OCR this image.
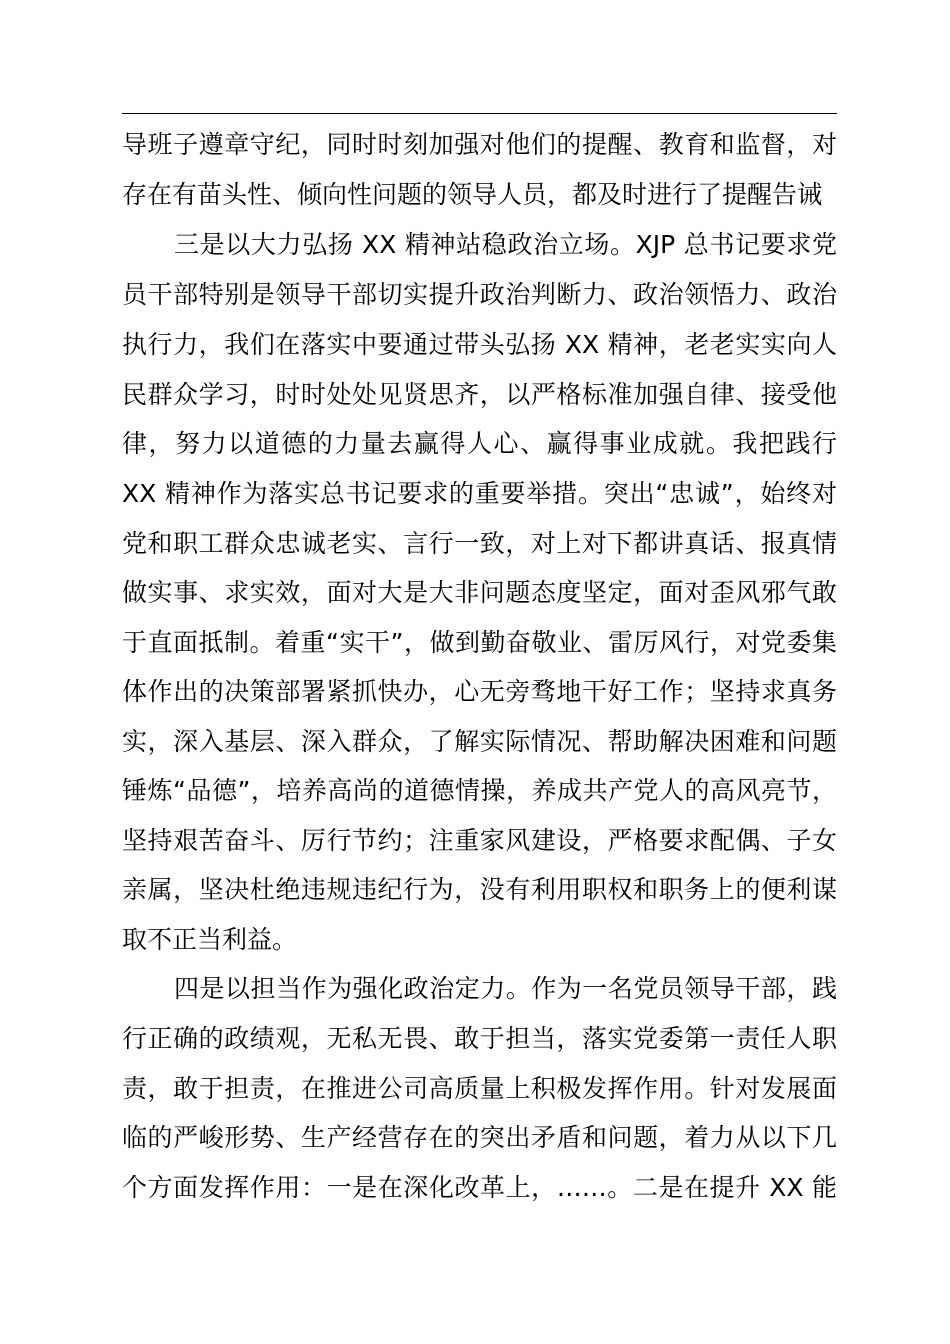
导班子遵章守纪，同时时刻加强对他们的提醒、教育和监督，对
存在有苗头性、倾向性问题的领导人员，都及时进行了提醒告诫
三是以大力弘扬 XX 精神站稳政治立场。XJP 总书记要求党
员干部特别是领导干部切实提升政治判断力、政治领悟力、政治
执行力，我们在落实中要通过带头弘扬 XX 精神，老老实实向人
民群众学习，时时处处见贤思齐，以严格标准加强自律、接受他
律，努力以道德的力量去赢得人心、赢得事业成就。我把践行
XX 精神作为落实总书记要求的重要举措。突出“忠诚”，始终对
党和职工群众忠诚老实、言行一致，对上对下都讲真话、报真情
做实事、求实效，面对大是大非问题态度坚定，面对歪风邪气敢
于直面抵制。着重“实干”，做到勤奋敬业、雷厉风行，对党委集
体作出的决策部署紧抓快办，心无旁骛地干好工作；坚持求真务
实，深入基层、深入群众，了解实际情况、帮助解决困难和问题
锤炼“品德”，培养高尚的道德情操，养成共产党人的高风亮节，
坚持艰苦奋斗、厉行节约；注重家风建设，严格要求配偶、子女
亲属，坚决杜绝违规违纪行为，没有利用职权和职务上的便利谋
取不正当利益。
四是以担当作为强化政治定力。作为一名党员领导干部，践
行正确的政绩观，无私无畏、敢于担当，落实党委第一责任人职
责，敢于担责，在推进公司高质量上积极发挥作用。针对发展面
临的严峻形势、生产经营存在的突出矛盾和问题，着力从以下几
个方面发挥作用：一是在深化改革上，……。二是在提升 XX 能
